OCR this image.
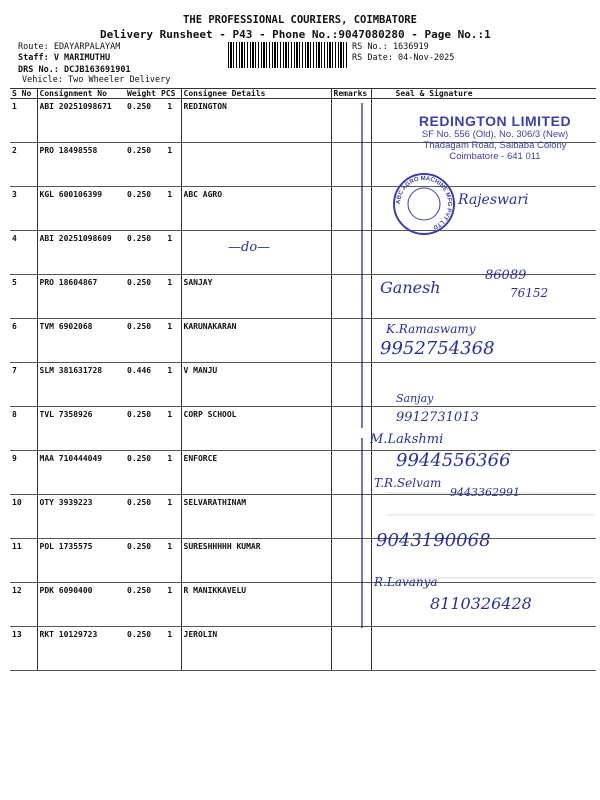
THE PROFESSIONAL COURIERS, COIMBATORE
Delivery Runsheet - P43 - Phone No.:9047080280 - Page No.:1
Route: EDAYARPALAYAM
Staff: V MARIMUTHU
DRS No.: DCJB163691901
Vehicle: Two Wheeler Delivery
RS No.: 1636919
RS Date: 04-Nov-2025
S No	Consignment No	Weight	PCS	Consignee Details	Remarks	Seal & Signature
1	ABI 20251098671	0.250	1	REDINGTON		
2	PRO 18498558	0.250	1			
3	KGL 600106399	0.250	1	ABC AGRO		
4	ABI 20251098609	0.250	1			
5	PRO 18604867	0.250	1	SANJAY		
6	TVM 6902068	0.250	1	KARUNAKARAN		
7	SLM 381631728	0.446	1	V MANJU		
8	TVL 7358926	0.250	1	CORP SCHOOL		
9	MAA 710444049	0.250	1	ENFORCE		
10	OTY 3939223	0.250	1	SELVARATHINAM		
11	POL 1735575	0.250	1	SURESHHHHH KUMAR		
12	PDK 6090400	0.250	1	R MANIKKAVELU		
13	RKT 10129723	0.250	1	JEROLIN		
REDINGTON LIMITED
SF No. 556 (Old), No. 306/3 (New)
Thadagam Road, Saibaba Colony
Coimbatore - 641 011
ABC AGRO MACHINE MFG PVT LTD
Rajeswari
—do—
Ganesh
86089
76152
K.Ramaswamy
9952754368
Sanjay
9912731013
M.Lakshmi
9944556366
T.R.Selvam
9443362991
9043190068
R.Lavanya
8110326428
